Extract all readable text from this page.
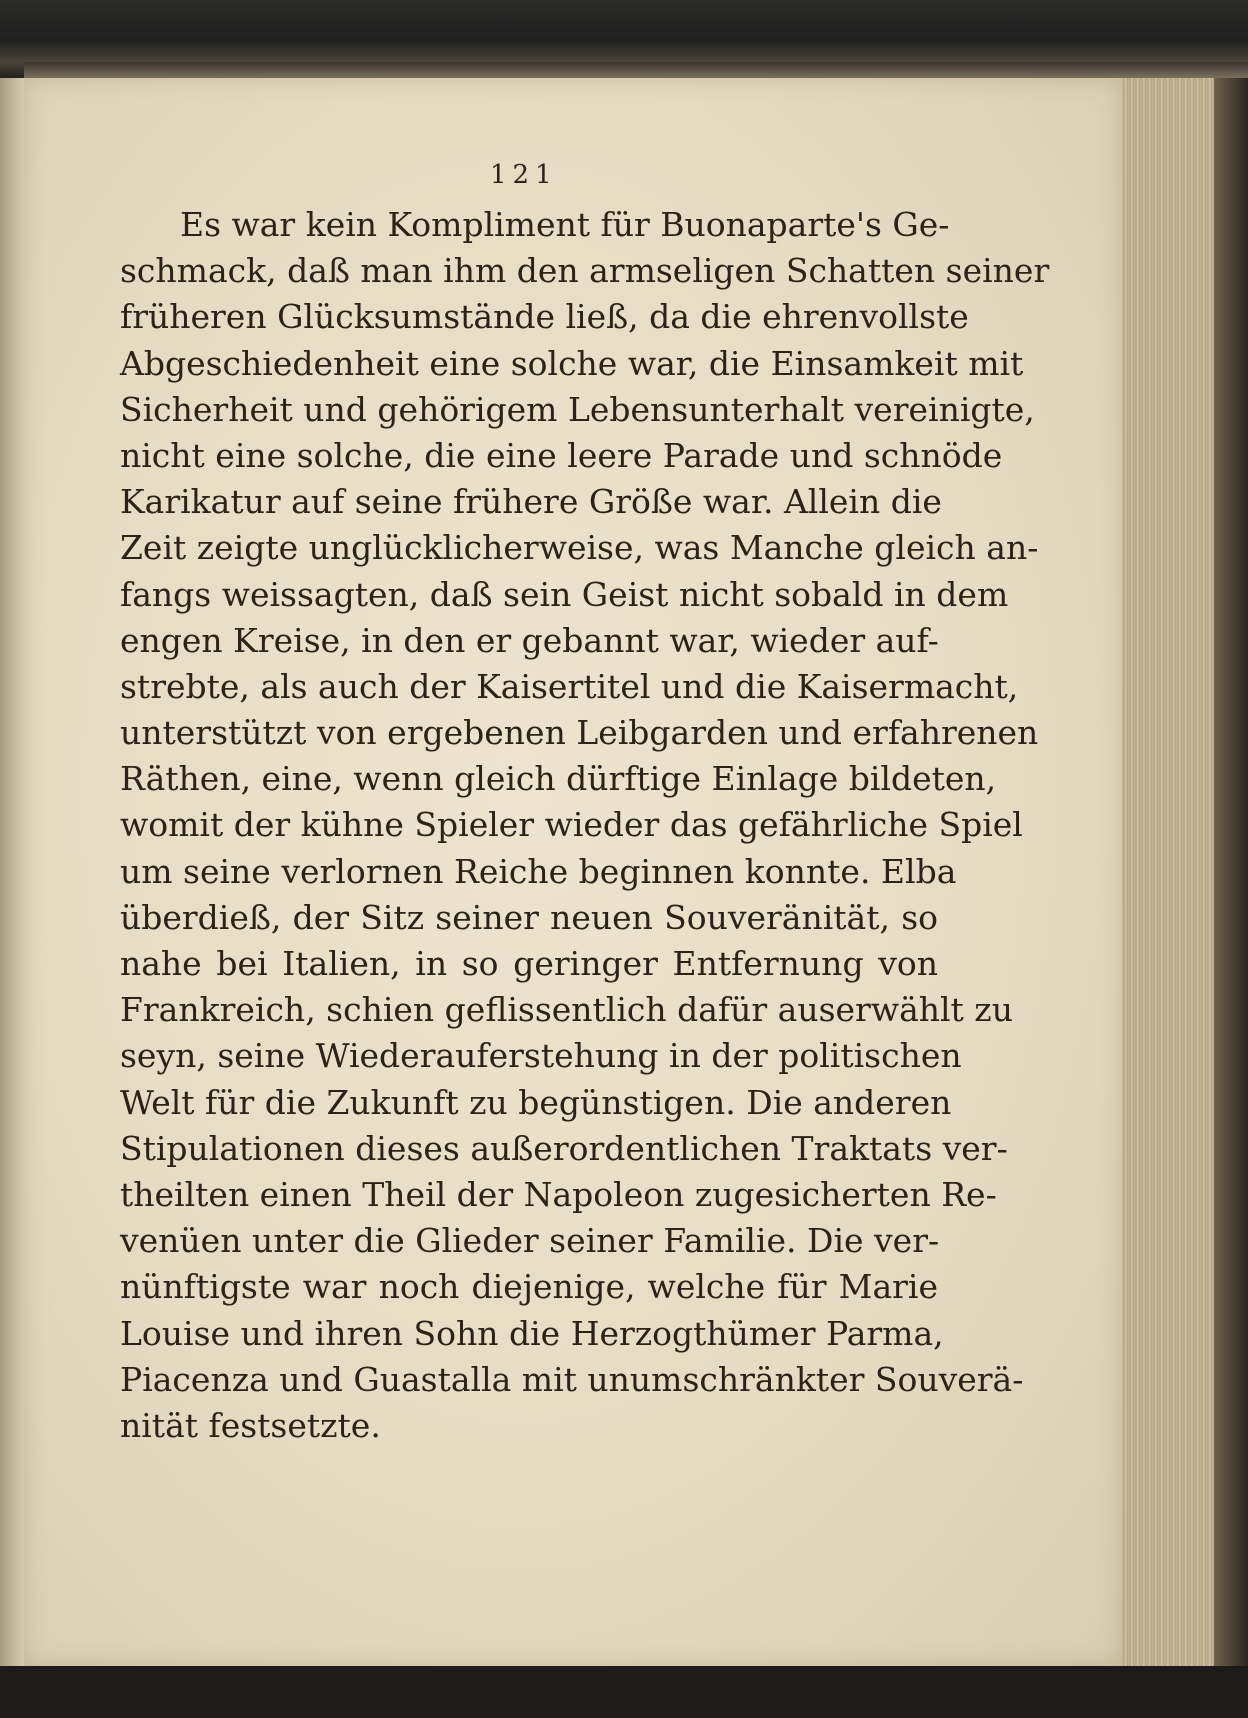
121
Es war kein Kompliment für Buonaparte's Ge-
schmack, daß man ihm den armseligen Schatten seiner
früheren Glücksumstände ließ, da die ehrenvollste
Abgeschiedenheit eine solche war, die Einsamkeit mit
Sicherheit und gehörigem Lebensunterhalt vereinigte,
nicht eine solche, die eine leere Parade und schnöde
Karikatur auf seine frühere Größe war. Allein die
Zeit zeigte unglücklicherweise, was Manche gleich an-
fangs weissagten, daß sein Geist nicht sobald in dem
engen Kreise, in den er gebannt war, wieder auf-
strebte, als auch der Kaisertitel und die Kaisermacht,
unterstützt von ergebenen Leibgarden und erfahrenen
Räthen, eine, wenn gleich dürftige Einlage bildeten,
womit der kühne Spieler wieder das gefährliche Spiel
um seine verlornen Reiche beginnen konnte. Elba
überdieß, der Sitz seiner neuen Souveränität, so
nahe bei Italien, in so geringer Entfernung von
Frankreich, schien geflissentlich dafür auserwählt zu
seyn, seine Wiederauferstehung in der politischen
Welt für die Zukunft zu begünstigen. Die anderen
Stipulationen dieses außerordentlichen Traktats ver-
theilten einen Theil der Napoleon zugesicherten Re-
venüen unter die Glieder seiner Familie. Die ver-
nünftigste war noch diejenige, welche für Marie
Louise und ihren Sohn die Herzogthümer Parma,
Piacenza und Guastalla mit unumschränkter Souverä-
nität festsetzte.
